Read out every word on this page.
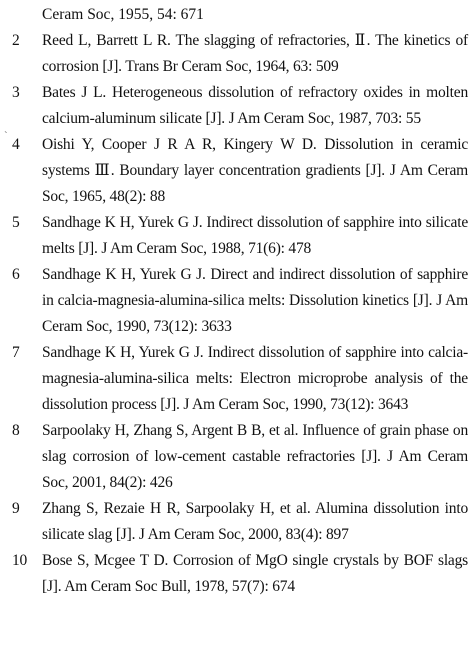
Ceram Soc, 1955, 54: 671
`
2	Reed L, Barrett L R. The slagging of refractories, Ⅱ. The kinetics of corrosion [J]. Trans Br Ceram Soc, 1964, 63: 509
3	Bates J L. Heterogeneous dissolution of refractory oxides in molten calcium-aluminum silicate [J]. J Am Ceram Soc, 1987, 703: 55
4	Oishi Y, Cooper J R A R, Kingery W D. Dissolution in ceramic systems Ⅲ. Boundary layer concentration gradients [J]. J Am Ceram Soc, 1965, 48(2): 88
5	Sandhage K H, Yurek G J. Indirect dissolution of sapphire into silicate melts [J]. J Am Ceram Soc, 1988, 71(6): 478
6	Sandhage K H, Yurek G J. Direct and indirect dissolution of sapphire in calcia-magnesia-alumina-silica melts: Dissolution kinetics [J]. J Am Ceram Soc, 1990, 73(12): 3633
7	Sandhage K H, Yurek G J. Indirect dissolution of sapphire into calcia-magnesia-alumina-silica melts: Electron microprobe analysis of the dissolution process [J]. J Am Ceram Soc, 1990, 73(12): 3643
8	Sarpoolaky H, Zhang S, Argent B B, et al. Influence of grain phase on slag corrosion of low-cement castable refractories [J]. J Am Ceram Soc, 2001, 84(2): 426
9	Zhang S, Rezaie H R, Sarpoolaky H, et al. Alumina dissolution into silicate slag [J]. J Am Ceram Soc, 2000, 83(4): 897
10 Bose S, Mcgee T D. Corrosion of MgO single crystals by BOF slags [J]. Am Ceram Soc Bull, 1978, 57(7): 674
